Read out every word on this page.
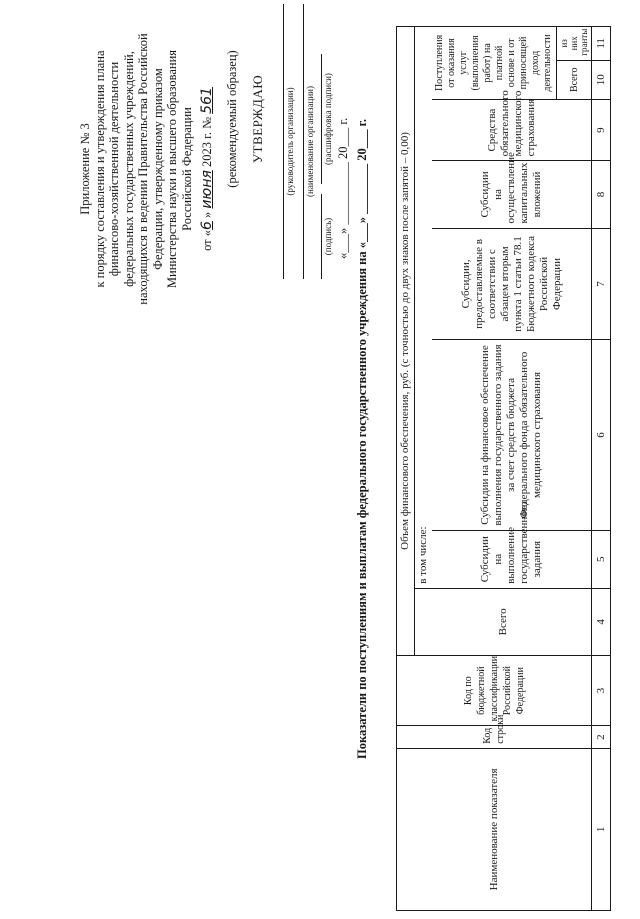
Приложение № 3 к порядку составления и утверждения плана финансово-хозяйственной деятельности федеральных государственных учреждений, находящихся в ведении Правительства Российской Федерации, утвержденному приказом Министерства науки и высшего образования Российской Федерации
от «6 » июня 2023 г. № 561 (рекомендуемый образец) УТВЕРЖДАЮ (руководитель организации) (наименование организации)
(подпись)
(расшифровка подписи) «___» __________ 20___ г. Показатели по поступлениям и выплатам федерального государственного учреждения на «___» ________ 20___ г.
Наименование показателя	Код строки	Код по бюджетной классификации Российской Федерации	Объем финансового обеспечения, руб. (с точностью до двух знаков после запятой – 0,00)							
			Всего	в том числе:						
				Субсидии на выполнение государственного задания	Субсидии на финансовое обеспечение выполнения государственного задания за счет средств бюджета Федерального фонда обязательного медицинского страхования	Субсидии, предоставляемые в соответствии с абзацем вторым пункта 1 статьи 78.1 Бюджетного кодекса Российской Федерации	Субсидии на осуществление капитальных вложений	Средства обязательного медицинского страхования	Поступления от оказания услуг (выполнения работ) на платной основе и от приносящей доход деятельности	
									Всего	из них гранты
1	2	3	4	5	6	7	8	9	10	11
